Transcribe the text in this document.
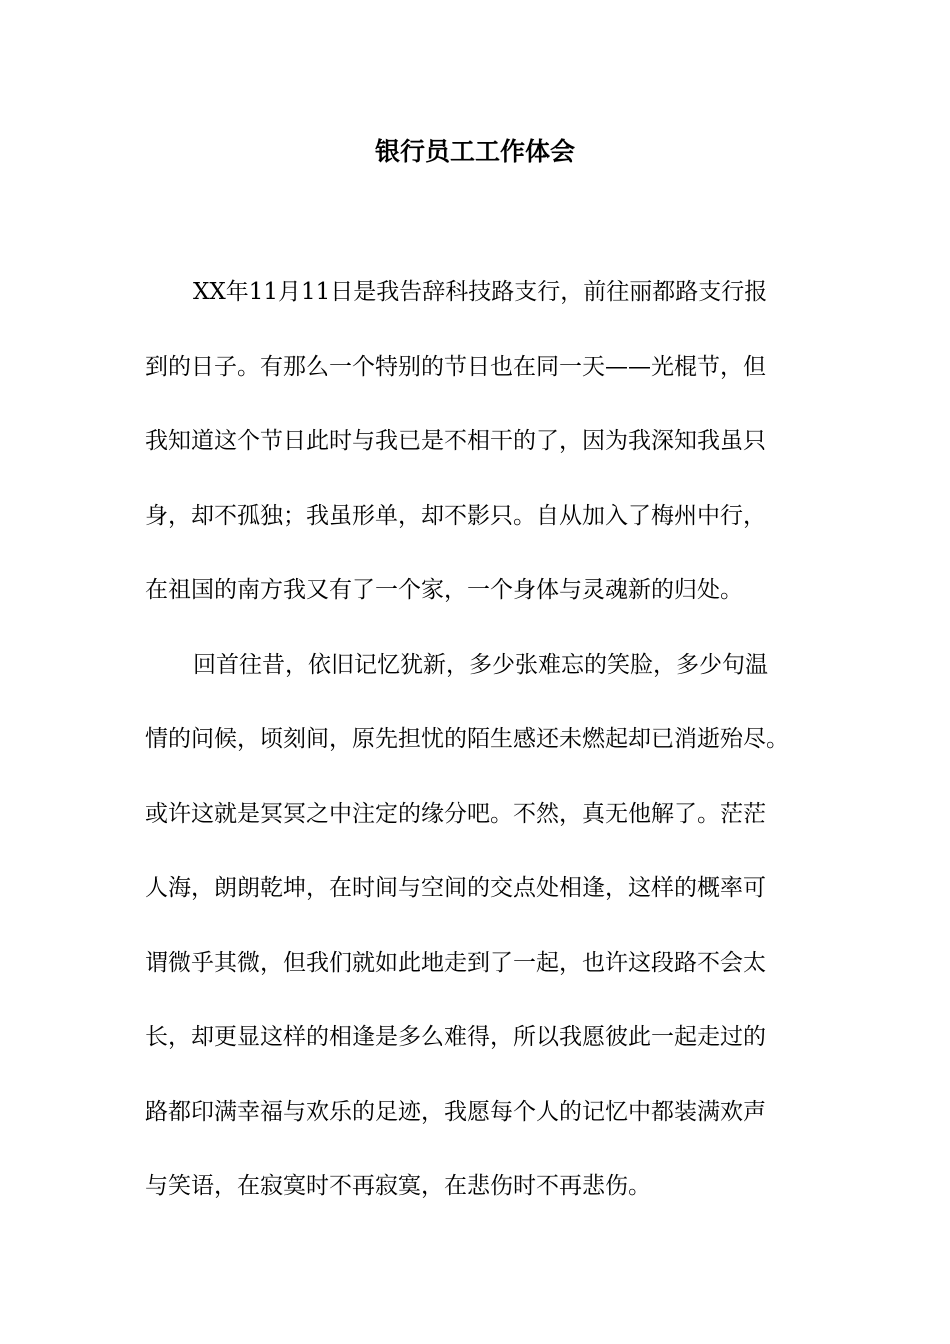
银行员工工作体会
XX年11月11日是我告辞科技路支行，前往丽都路支行报
到的日子。有那么一个特别的节日也在同一天——光棍节，但
我知道这个节日此时与我已是不相干的了，因为我深知我虽只
身，却不孤独；我虽形单，却不影只。自从加入了梅州中行，
在祖国的南方我又有了一个家，一个身体与灵魂新的归处。
回首往昔，依旧记忆犹新，多少张难忘的笑脸，多少句温
情的问候，顷刻间，原先担忧的陌生感还未燃起却已消逝殆尽。
或许这就是冥冥之中注定的缘分吧。不然，真无他解了。茫茫
人海，朗朗乾坤，在时间与空间的交点处相逢，这样的概率可
谓微乎其微，但我们就如此地走到了一起，也许这段路不会太
长，却更显这样的相逢是多么难得，所以我愿彼此一起走过的
路都印满幸福与欢乐的足迹，我愿每个人的记忆中都装满欢声
与笑语，在寂寞时不再寂寞，在悲伤时不再悲伤。
